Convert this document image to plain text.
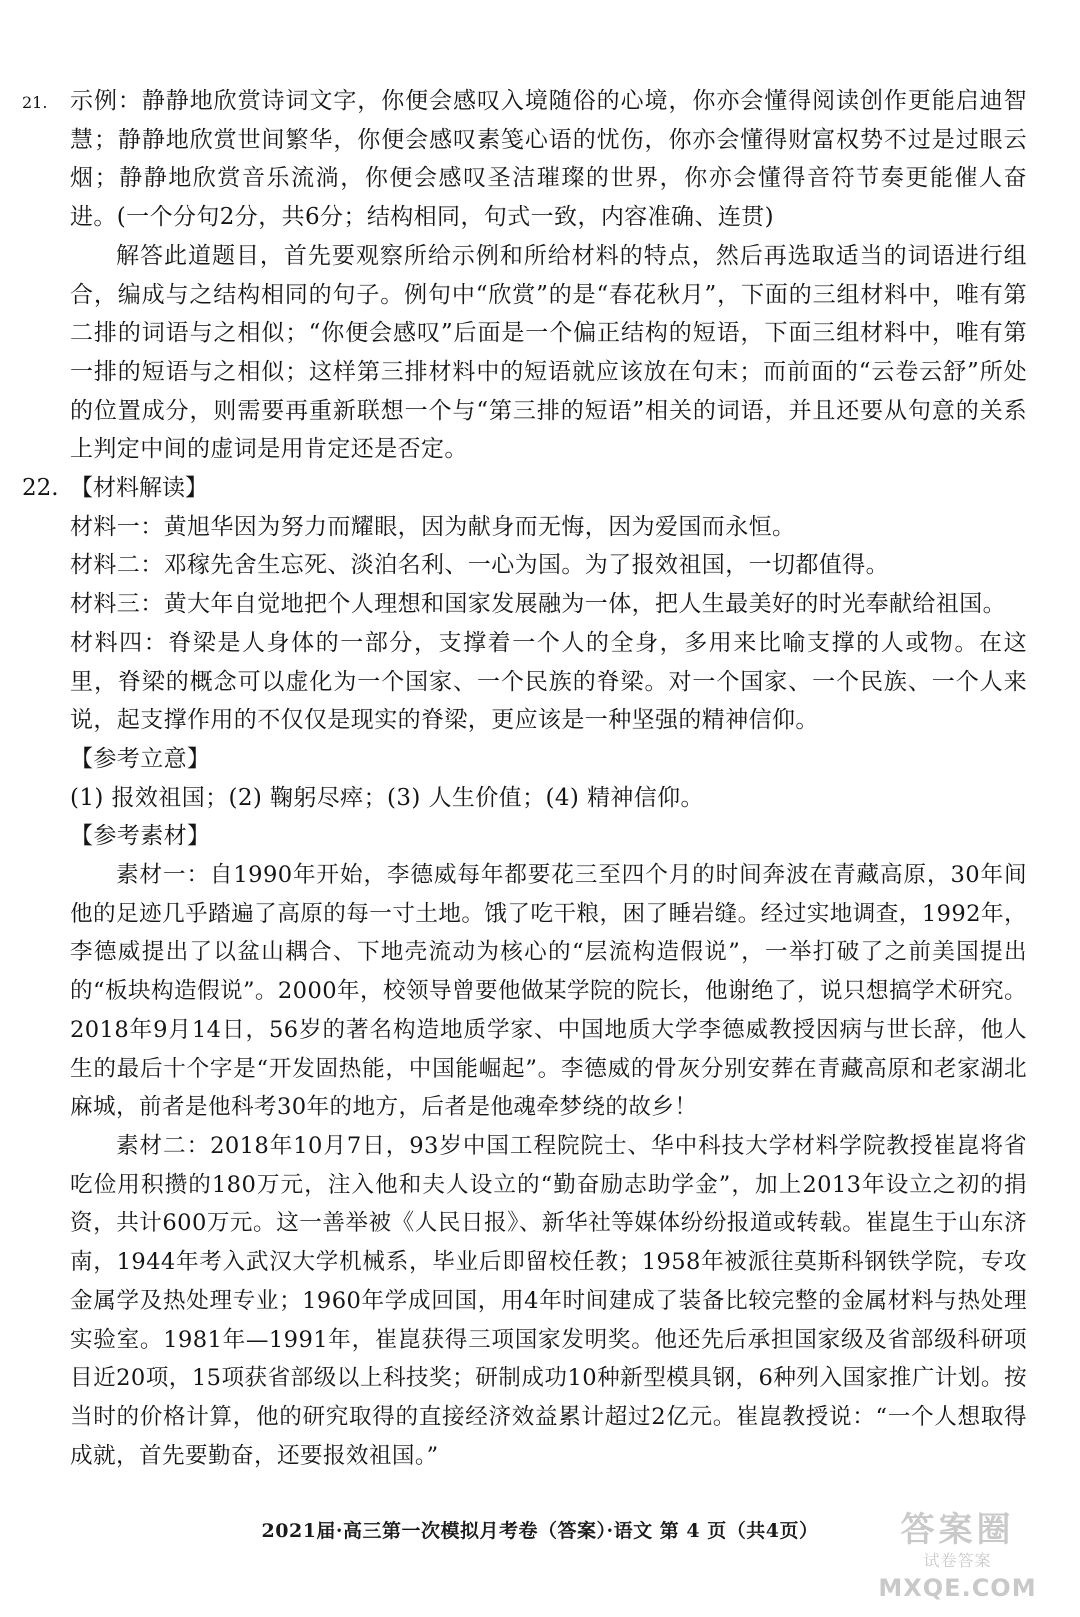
21. 示例：静静地欣赏诗词文字，你便会感叹入境随俗的心境，你亦会懂得阅读创作更能启迪智慧；静静地欣赏世间繁华，你便会感叹素笺心语的忧伤，你亦会懂得财富权势不过是过眼云烟；静静地欣赏音乐流淌，你便会感叹圣洁璀璨的世界，你亦会懂得音符节奏更能催人奋进。(一个分句2分，共6分；结构相同，句式一致，内容准确、连贯)

解答此道题目，首先要观察所给示例和所给材料的特点，然后再选取适当的词语进行组合，编成与之结构相同的句子。例句中“欣赏”的是“春花秋月”，下面的三组材料中，唯有第二排的词语与之相似；“你便会感叹”后面是一个偏正结构的短语，下面三组材料中，唯有第一排的短语与之相似；这样第三排材料中的短语就应该放在句末；而前面的“云卷云舒”所处的位置成分，则需要再重新联想一个与“第三排的短语”相关的词语，并且还要从句意的关系上判定中间的虚词是用肯定还是否定。

22. 【材料解读】

材料一：黄旭华因为努力而耀眼，因为献身而无悔，因为爱国而永恒。

材料二：邓稼先舍生忘死、淡泊名利、一心为国。为了报效祖国，一切都值得。

材料三：黄大年自觉地把个人理想和国家发展融为一体，把人生最美好的时光奉献给祖国。

材料四：脊梁是人身体的一部分，支撑着一个人的全身，多用来比喻支撑的人或物。在这里，脊梁的概念可以虚化为一个国家、一个民族的脊梁。对一个国家、一个民族、一个人来说，起支撑作用的不仅仅是现实的脊梁，更应该是一种坚强的精神信仰。

【参考立意】

(1) 报效祖国；(2) 鞠躬尽瘁；(3) 人生价值；(4) 精神信仰。

【参考素材】

素材一：自1990年开始，李德威每年都要花三至四个月的时间奔波在青藏高原，30年间他的足迹几乎踏遍了高原的每一寸土地。饿了吃干粮，困了睡岩缝。经过实地调查，1992年，李德威提出了以盆山耦合、下地壳流动为核心的“层流构造假说”，一举打破了之前美国提出的“板块构造假说”。2000年，校领导曾要他做某学院的院长，他谢绝了，说只想搞学术研究。2018年9月14日，56岁的著名构造地质学家、中国地质大学李德威教授因病与世长辞，他人生的最后十个字是“开发固热能，中国能崛起”。李德威的骨灰分别安葬在青藏高原和老家湖北麻城，前者是他科考30年的地方，后者是他魂牵梦绕的故乡！

素材二：2018年10月7日，93岁中国工程院院士、华中科技大学材料学院教授崔崑将省吃俭用积攒的180万元，注入他和夫人设立的“勤奋励志助学金”，加上2013年设立之初的捐资，共计600万元。这一善举被《人民日报》、新华社等媒体纷纷报道或转载。崔崑生于山东济南，1944年考入武汉大学机械系，毕业后即留校任教；1958年被派往莫斯科钢铁学院，专攻金属学及热处理专业；1960年学成回国，用4年时间建成了装备比较完整的金属材料与热处理实验室。1981年—1991年，崔崑获得三项国家发明奖。他还先后承担国家级及省部级科研项目近20项，15项获省部级以上科技奖；研制成功10种新型模具钢，6种列入国家推广计划。按当时的价格计算，他的研究取得的直接经济效益累计超过2亿元。崔崑教授说：“一个人想取得成就，首先要勤奋，还要报效祖国。”

2021届·高三第一次模拟月考卷（答案）·语文 第 4 页（共4页）	答案圈
试卷答案
MXQE.COM
